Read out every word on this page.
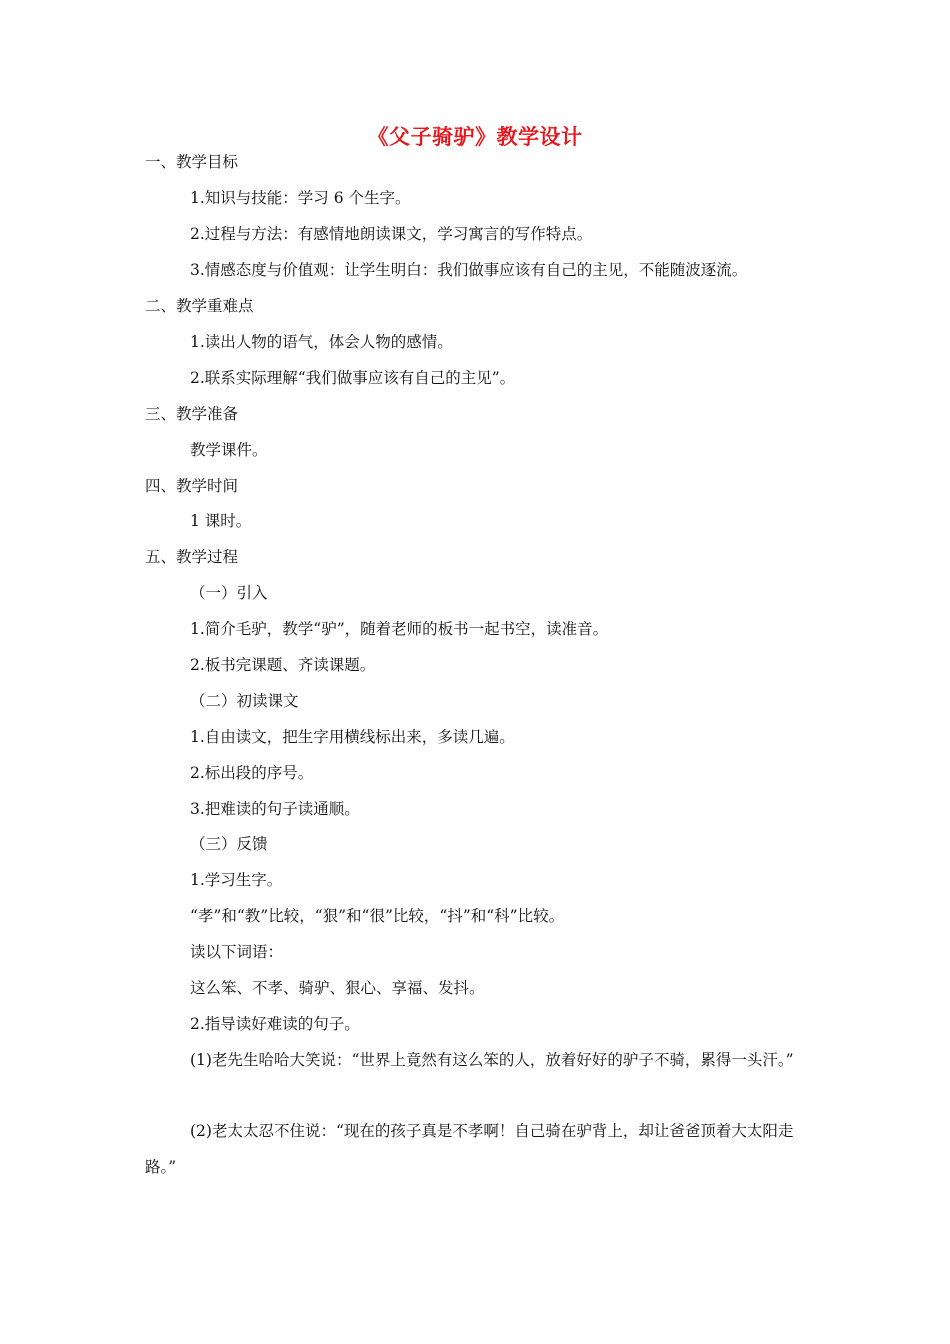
《父子骑驴》教学设计
一、教学目标
1.知识与技能：学习 6 个生字。
2.过程与方法：有感情地朗读课文，学习寓言的写作特点。
3.情感态度与价值观：让学生明白：我们做事应该有自己的主见，不能随波逐流。
二、教学重难点
1.读出人物的语气，体会人物的感情。
2.联系实际理解“我们做事应该有自己的主见”。
三、教学准备
教学课件。
四、教学时间
1 课时。
五、教学过程
（一）引入
1.简介毛驴，教学“驴”，随着老师的板书一起书空，读准音。
2.板书完课题、齐读课题。
（二）初读课文
1.自由读文，把生字用横线标出来，多读几遍。
2.标出段的序号。
3.把难读的句子读通顺。
（三）反馈
1.学习生字。
“孝”和“教”比较，“狠”和“很”比较，“抖”和“科”比较。
读以下词语：
这么笨、不孝、骑驴、狠心、享福、发抖。
2.指导读好难读的句子。
(1)老先生哈哈大笑说：“世界上竟然有这么笨的人，放着好好的驴子不骑，累得一头汗。”
(2)老太太忍不住说：“现在的孩子真是不孝啊！自己骑在驴背上，却让爸爸顶着大太阳走路。”
